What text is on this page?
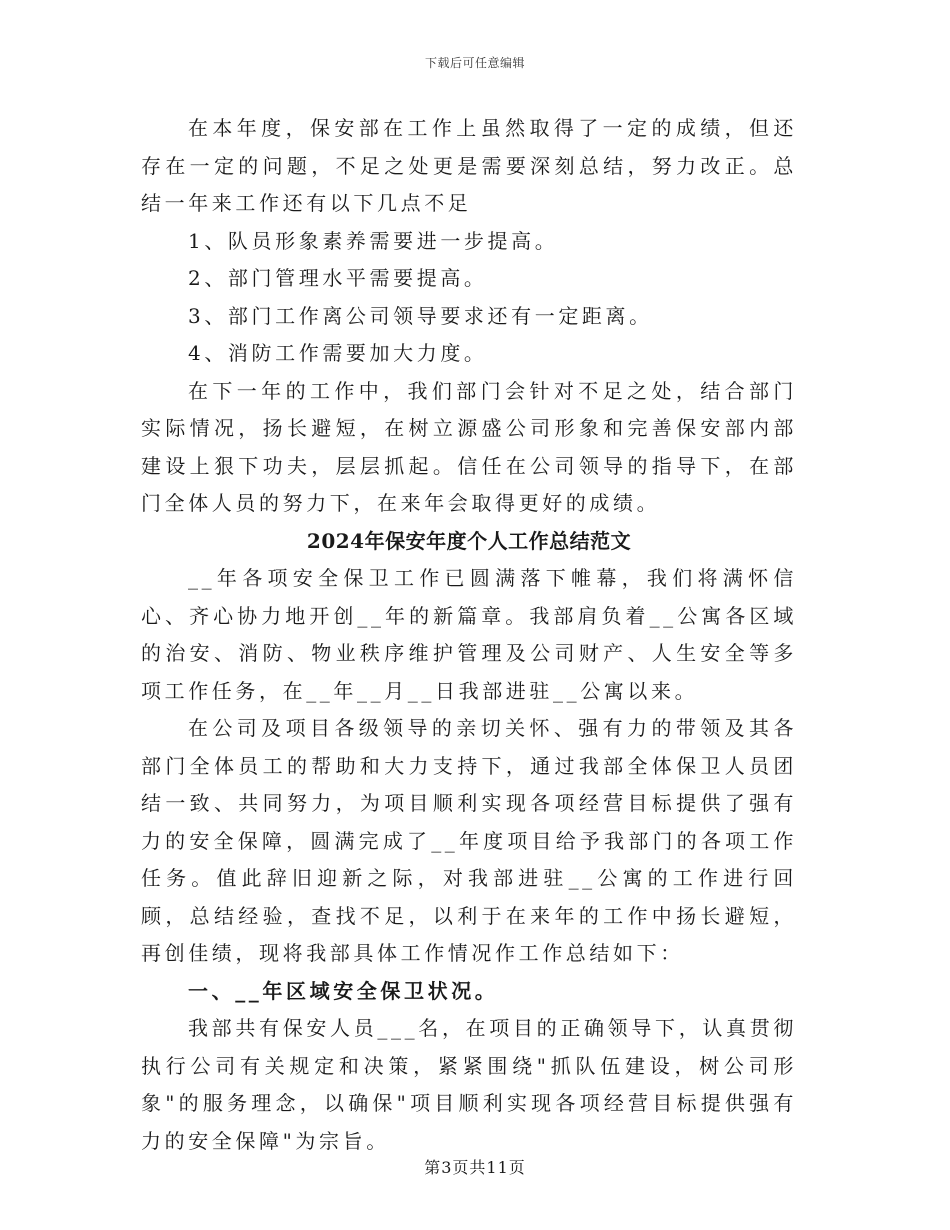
下载后可任意编辑

在本年度，保安部在工作上虽然取得了一定的成绩，但还存在一定的问题，不足之处更是需要深刻总结，努力改正。总结一年来工作还有以下几点不足

1、队员形象素养需要进一步提高。

2、部门管理水平需要提高。

3、部门工作离公司领导要求还有一定距离。

4、消防工作需要加大力度。

在下一年的工作中，我们部门会针对不足之处，结合部门实际情况，扬长避短，在树立源盛公司形象和完善保安部内部建设上狠下功夫，层层抓起。信任在公司领导的指导下，在部门全体人员的努力下，在来年会取得更好的成绩。

2024年保安年度个人工作总结范文

__年各项安全保卫工作已圆满落下帷幕，我们将满怀信心、齐心协力地开创__年的新篇章。我部肩负着__公寓各区域的治安、消防、物业秩序维护管理及公司财产、人生安全等多项工作任务，在__年__月__日我部进驻__公寓以来。

在公司及项目各级领导的亲切关怀、强有力的带领及其各部门全体员工的帮助和大力支持下，通过我部全体保卫人员团结一致、共同努力，为项目顺利实现各项经营目标提供了强有力的安全保障，圆满完成了__年度项目给予我部门的各项工作任务。值此辞旧迎新之际，对我部进驻__公寓的工作进行回顾，总结经验，查找不足，以利于在来年的工作中扬长避短，再创佳绩，现将我部具体工作情况作工作总结如下：

一、__年区域安全保卫状况。

我部共有保安人员___名，在项目的正确领导下，认真贯彻执行公司有关规定和决策，紧紧围绕"抓队伍建设，树公司形象"的服务理念，以确保"项目顺利实现各项经营目标提供强有力的安全保障"为宗旨。

第3页共11页
